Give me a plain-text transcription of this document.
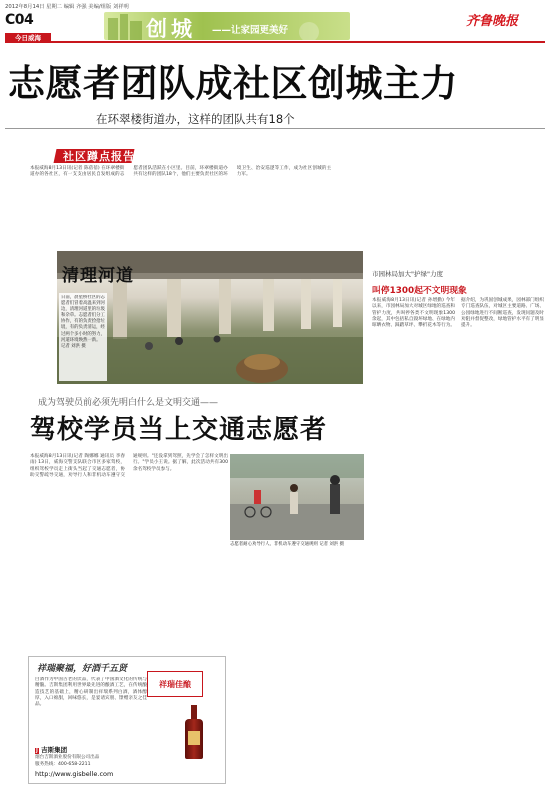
2012年8月14日 星期二 编辑 齐强 美编/组版 刘祥明
C04
今日威海	创城 ——让家园更美好
齐鲁晚报
志愿者团队成社区创城主力
在环翠楼街道办，这样的团队共有18个
社区蹲点报告
本报威海8月13日讯(记者 陈蓓蓓) 在环翠楼街道办的各社区，有一支支由居民自发组成的志愿者团队活跃在小区里。目前，环翠楼街道办共有这样的团队18个，他们主要负责社区的环境卫生、治安巡逻等工作，成为社区创城的主力军。
清理河道
日前，晨星桥社区的志愿者们冒着高温来到河边，清理河道里的垃圾和杂草。志愿者们分工协作，有的负责捡拾垃圾，有的负责清运，经过两个多小时的努力，河道环境焕然一新。 记者 刘洪 摄
市园林局加大"护绿"力度
叫停1300起不文明现象
本报威海8月13日讯(记者 孙增勤) 今年以来，市园林局加大对城区绿地的巡查和管护力度，共叫停各类不文明现象1300余起，其中包括私自毁坏绿地、在绿地内晾晒衣物、踩踏草坪、攀折花木等行为。据介绍，为巩固创城成果，园林部门组织专门巡查队伍，对城区主要道路、广场、公园绿地进行不间断巡查，发现问题及时劝阻并督促整改，绿地管护水平有了明显提升。
成为驾驶员前必须先明白什么是文明交通——
驾校学员当上交通志愿者
本报威海8月13日讯(记者 陶娜娜 通讯员 李春雨) 13日，威海交警支队联合市区多家驾校，组织驾校学员走上街头当起了交通志愿者，协助交警疏导交通，劝导行人和非机动车遵守交通规则。"还没拿到驾照，先学会了怎样文明出行。"学员小王说。据了解，此次活动共有300余名驾校学员参与。
志愿者耐心劝导行人、非机动车遵守交通规则 记者 刘洪 摄
祥瑞聚福，好酒千五贤
白酒作为中国古老的饮品，代表了中国酒文化的传统与精髓。吉斯集团利用世界最先进的酿酒工艺，在传统酿造技艺的基础上，精心研制出祥瑞系列白酒，酒体醇厚，入口绵甜，回味悠长，是宴请宾朋、馈赠亲友之佳品。
祥瑞佳酿
J 吉斯集团
烟台吉斯酒业股份有限公司出品
服务热线：400-658-2211
http://www.gisbelle.com
